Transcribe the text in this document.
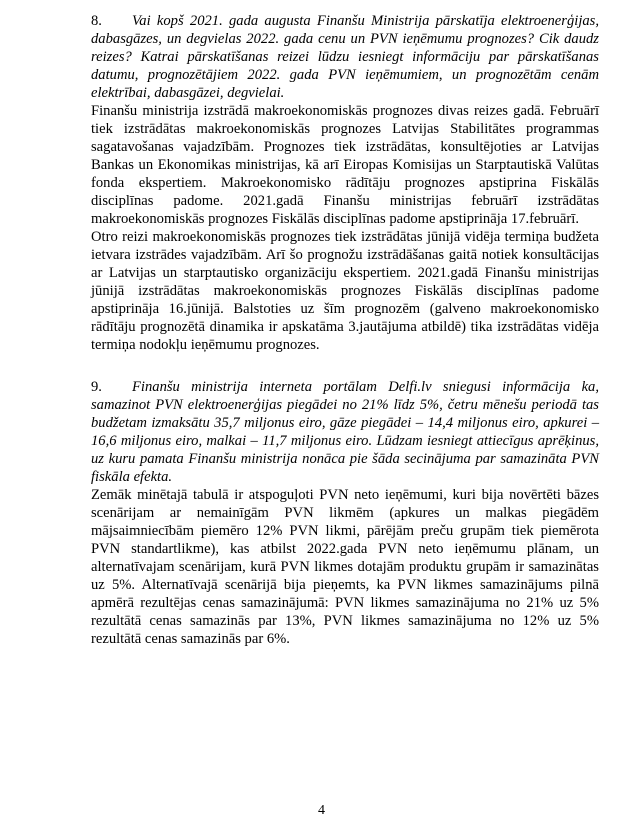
8. Vai kopš 2021. gada augusta Finanšu Ministrija pārskatīja elektroenerģijas, dabasgāzes, un degvielas 2022. gada cenu un PVN ieņēmumu prognozes? Cik daudz reizes? Katrai pārskatīšanas reizei lūdzu iesniegt informāciju par pārskatīšanas datumu, prognozētājiem 2022. gada PVN ieņēmumiem, un prognozētām cenām elektrībai, dabasgāzei, degvielai.

Finanšu ministrija izstrādā makroekonomiskās prognozes divas reizes gadā. Februārī tiek izstrādātas makroekonomiskās prognozes Latvijas Stabilitātes programmas sagatavošanas vajadzībām. Prognozes tiek izstrādātas, konsultējoties ar Latvijas Bankas un Ekonomikas ministrijas, kā arī Eiropas Komisijas un Starptautiskā Valūtas fonda ekspertiem. Makroekonomisko rādītāju prognozes apstiprina Fiskālās disciplīnas padome. 2021.gadā Finanšu ministrijas februārī izstrādātas makroekonomiskās prognozes Fiskālās disciplīnas padome apstiprināja 17.februārī.

Otro reizi makroekonomiskās prognozes tiek izstrādātas jūnijā vidēja termiņa budžeta ietvara izstrādes vajadzībām. Arī šo prognožu izstrādāšanas gaitā notiek konsultācijas ar Latvijas un starptautisko organizāciju ekspertiem. 2021.gadā Finanšu ministrijas jūnijā izstrādātas makroekonomiskās prognozes Fiskālās disciplīnas padome apstiprināja 16.jūnijā. Balstoties uz šīm prognozēm (galveno makroekonomisko rādītāju prognozētā dinamika ir apskatāma 3.jautājuma atbildē) tika izstrādātas vidēja termiņa nodokļu ieņēmumu prognozes.

9. Finanšu ministrija interneta portālam Delfi.lv sniegusi informācija ka, samazinot PVN elektroenerģijas piegādei no 21% līdz 5%, četru mēnešu periodā tas budžetam izmaksātu 35,7 miljonus eiro, gāze piegādei – 14,4 miljonus eiro, apkurei – 16,6 miljonus eiro, malkai – 11,7 miljonus eiro. Lūdzam iesniegt attiecīgus aprēķinus, uz kuru pamata Finanšu ministrija nonāca pie šāda secinājuma par samazināta PVN fiskāla efekta.

Zemāk minētajā tabulā ir atspoguļoti PVN neto ieņēmumi, kuri bija novērtēti bāzes scenārijam ar nemainīgām PVN likmēm (apkures un malkas piegādēm mājsaimniecībām piemēro 12% PVN likmi, pārējām preču grupām tiek piemērota PVN standartlikme), kas atbilst 2022.gada PVN neto ieņēmumu plānam, un alternatīvajam scenārijam, kurā PVN likmes dotajām produktu grupām ir samazinātas uz 5%. Alternatīvajā scenārijā bija pieņemts, ka PVN likmes samazinājums pilnā apmērā rezultējas cenas samazinājumā: PVN likmes samazinājuma no 21% uz 5% rezultātā cenas samazinās par 13%, PVN likmes samazinājuma no 12% uz 5% rezultātā cenas samazinās par 6%.

4
